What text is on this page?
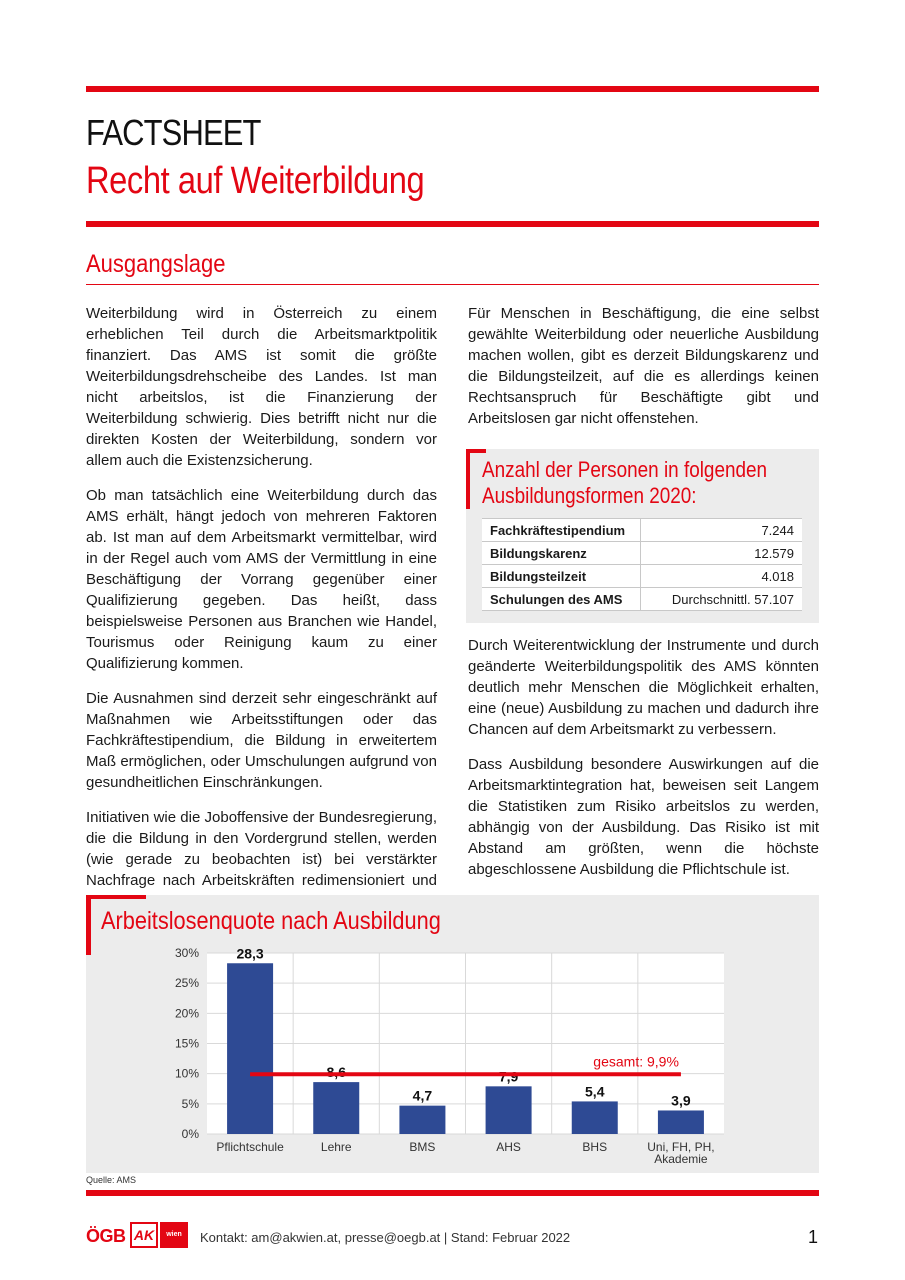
FACTSHEET
Recht auf Weiterbildung
Ausgangslage

Weiterbildung wird in Österreich zu einem erheblichen Teil durch die Arbeitsmarktpolitik finanziert. Das AMS ist somit die größte Weiterbildungsdrehscheibe des Landes. Ist man nicht arbeitslos, ist die Finanzierung der Weiterbildung schwierig. Dies betrifft nicht nur die direkten Kosten der Weiterbildung, sondern vor allem auch die Existenzsicherung.

Ob man tatsächlich eine Weiterbildung durch das AMS erhält, hängt jedoch von mehreren Faktoren ab. Ist man auf dem Arbeitsmarkt vermittelbar, wird in der Regel auch vom AMS der Vermittlung in eine Beschäftigung der Vorrang gegenüber einer Qualifizierung gegeben. Das heißt, dass beispielsweise Personen aus Branchen wie Handel, Tourismus oder Reinigung kaum zu einer Qualifizierung kommen.

Die Ausnahmen sind derzeit sehr eingeschränkt auf Maßnahmen wie Arbeitsstiftungen oder das Fachkräftestipendium, die Bildung in erweitertem Maß ermöglichen, oder Umschulungen aufgrund von gesundheitlichen Einschränkungen.

Initiativen wie die Joboffensive der Bundesregierung, die die Bildung in den Vordergrund stellen, werden (wie gerade zu beobachten ist) bei verstärkter Nachfrage nach Arbeitskräften redimensioniert und

Für Menschen in Beschäftigung, die eine selbst gewählte Weiterbildung oder neuerliche Ausbildung machen wollen, gibt es derzeit Bildungskarenz und die Bildungsteilzeit, auf die es allerdings keinen Rechtsanspruch für Beschäftigte gibt und Arbeitslosen gar nicht offenstehen.

Anzahl der Personen in folgenden
Ausbildungsformen 2020:
Fachkräftestipendium	7.244
Bildungskarenz	12.579
Bildungsteilzeit	4.018
Schulungen des AMS	Durchschnittl. 57.107

Durch Weiterentwicklung der Instrumente und durch geänderte Weiterbildungspolitik des AMS könnten deutlich mehr Menschen die Möglichkeit erhalten, eine (neue) Ausbildung zu machen und dadurch ihre Chancen auf dem Arbeitsmarkt zu verbessern.

Dass Ausbildung besondere Auswirkungen auf die Arbeitsmarktintegration hat, beweisen seit Langem die Statistiken zum Risiko arbeitslos zu werden, abhängig von der Ausbildung. Das Risiko ist mit Abstand am größten, wenn die höchste abgeschlossene Ausbildung die Pflichtschule ist.

Arbeitslosenquote nach Ausbildung
0%
5%
10%
15%
20%
25%
30%	28,3
Pflichtschule
8,6
Lehre
4,7
BMS
7,9
AHS
5,4
BHS
3,9
Uni, FH, PH,
Akademie
gesamt: 9,9%
Quelle: AMS
ÖGB AK	wien	Kontakt: am@akwien.at, presse@oegb.at | Stand: Februar 2022	1
